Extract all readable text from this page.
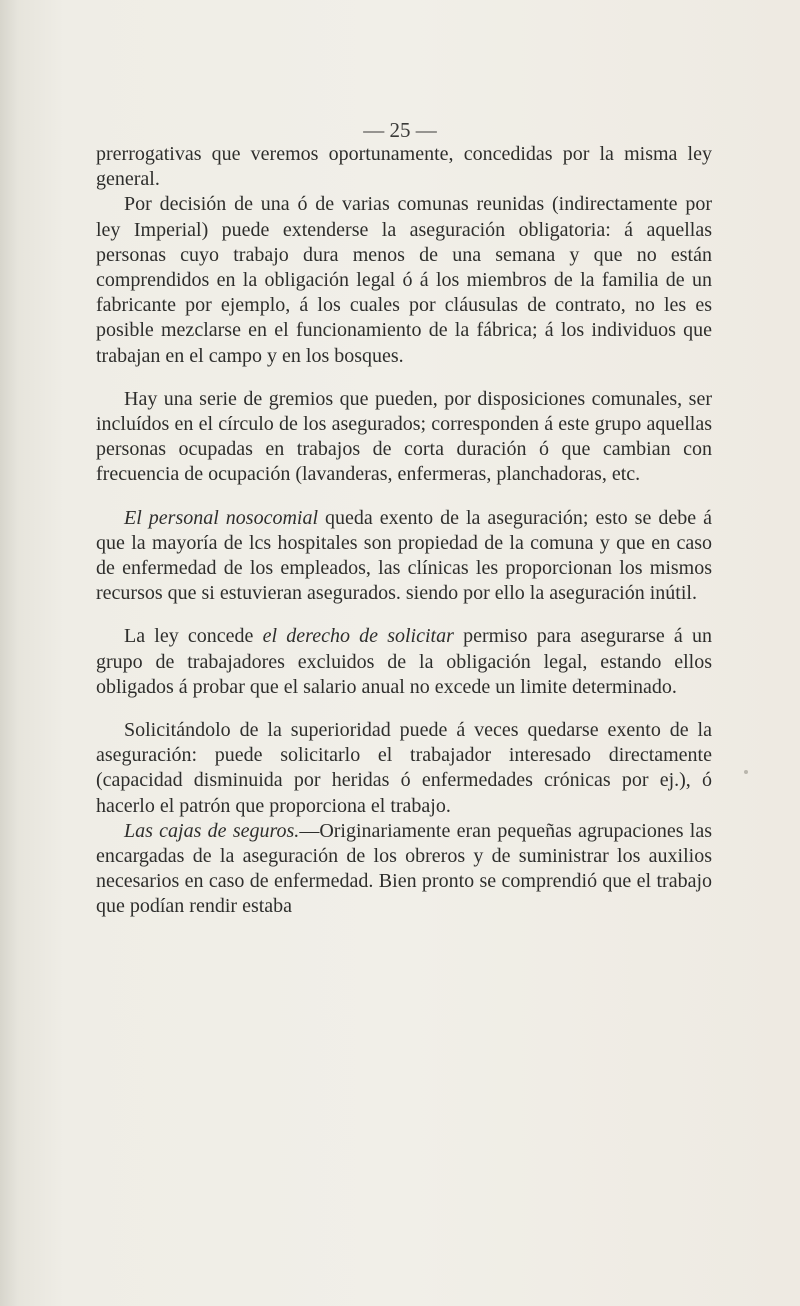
— 25 —

prerrogativas que veremos oportunamente, concedidas por la misma ley general.

Por decisión de una ó de varias comunas reunidas (indirectamente por ley Imperial) puede extenderse la aseguración obligatoria: á aquellas personas cuyo trabajo dura menos de una semana y que no están comprendidos en la obligación legal ó á los miembros de la familia de un fabricante por ejemplo, á los cuales por cláusulas de contrato, no les es posible mezclarse en el funcionamiento de la fábrica; á los individuos que trabajan en el campo y en los bosques.

Hay una serie de gremios que pueden, por disposiciones comunales, ser incluídos en el círculo de los asegurados; corresponden á este grupo aquellas personas ocupadas en trabajos de corta duración ó que cambian con frecuencia de ocupación (lavanderas, enfermeras, planchadoras, etc.

El personal nosocomial queda exento de la aseguración; esto se debe á que la mayoría de lcs hospitales son propiedad de la comuna y que en caso de enfermedad de los empleados, las clínicas les proporcionan los mismos recursos que si estuvieran asegurados. siendo por ello la aseguración inútil.

La ley concede el derecho de solicitar permiso para asegurarse á un grupo de trabajadores excluidos de la obligación legal, estando ellos obligados á probar que el salario anual no excede un limite determinado.

Solicitándolo de la superioridad puede á veces quedarse exento de la aseguración: puede solicitarlo el trabajador interesado directamente (capacidad disminuida por heridas ó enfermedades crónicas por ej.), ó hacerlo el patrón que proporciona el trabajo.

Las cajas de seguros.—Originariamente eran pequeñas agrupaciones las encargadas de la aseguración de los obreros y de suministrar los auxilios necesarios en caso de enfermedad. Bien pronto se comprendió que el trabajo que podían rendir estaba
